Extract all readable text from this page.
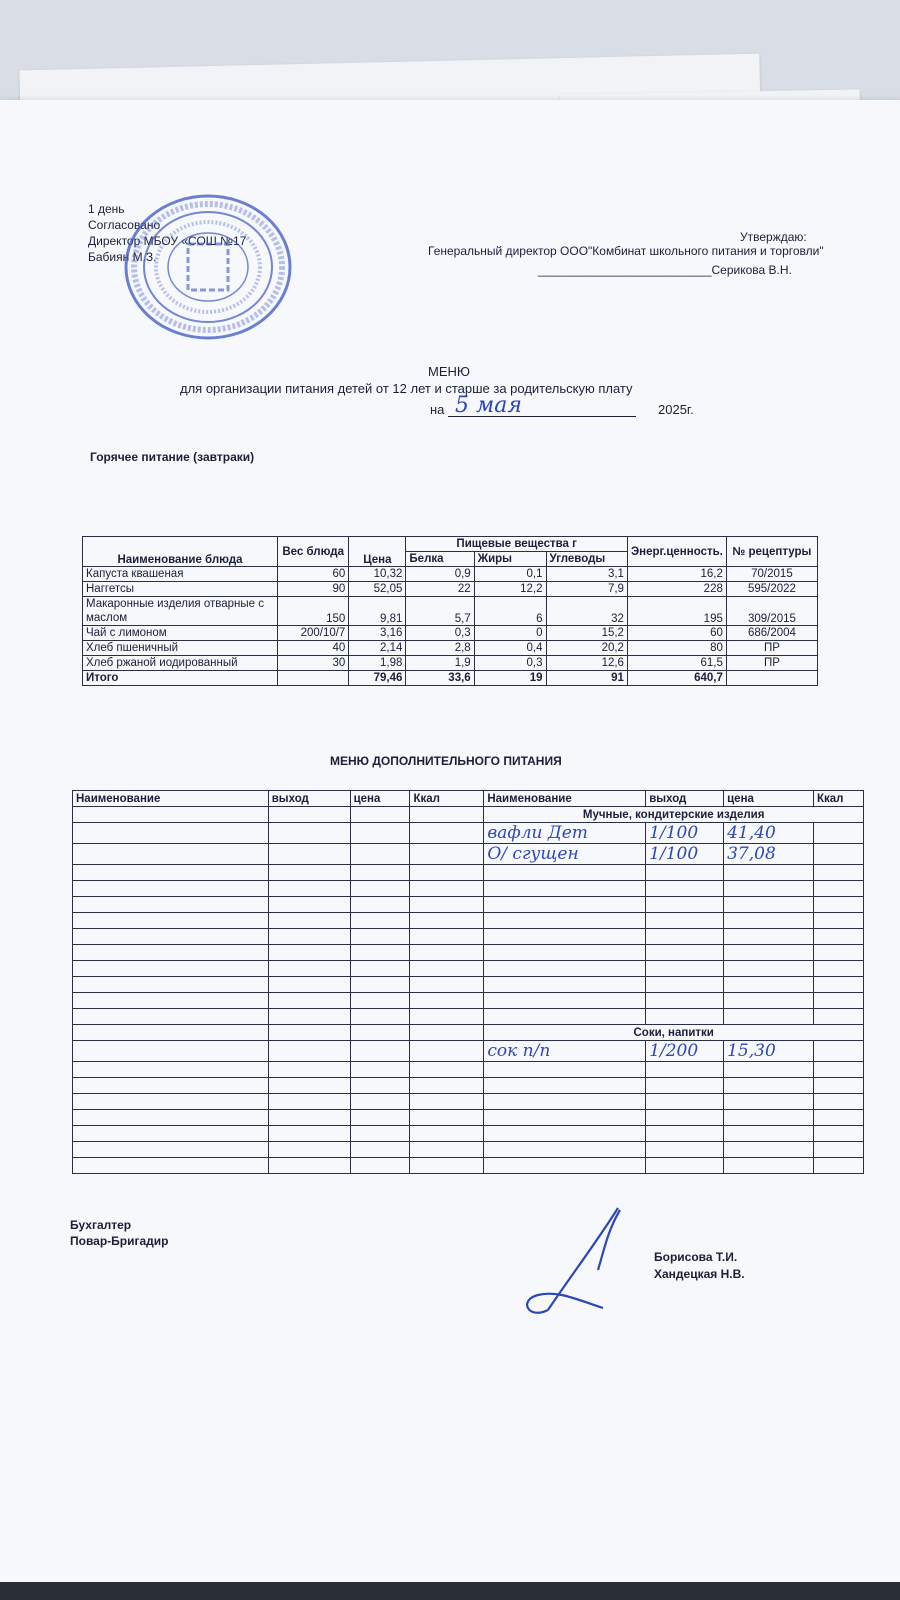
1 день
Согласовано
Директор МБОУ «СОШ №17
Бабиян М.З.
Утверждаю:
Генеральный директор ООО"Комбинат школьного питания и торговли"
__________________________Серикова В.Н.
МЕНЮ
для организации питания детей от 12 лет и старше за родительскую плату
на 5 мая	2025г.
Горячее питание (завтраки)
Наименование блюда	Вес блюда	Цена	Пищевые вещества г			Энерг.ценность.	№ рецептуры
			Белка	Жиры	Углеводы		
Капуста квашеная	60	10,32	0,9	0,1	3,1	16,2	70/2015
Наггетсы	90	52,05	22	12,2	7,9	228	595/2022
Макаронные изделия отварные с маслом	150	9,81	5,7	6	32	195	309/2015
Чай с лимоном	200/10/7	3,16	0,3	0	15,2	60	686/2004
Хлеб пшеничный	40	2,14	2,8	0,4	20,2	80	ПР
Хлеб ржаной иодированный	30	1,98	1,9	0,3	12,6	61,5	ПР
Итого		79,46	33,6	19	91	640,7	
МЕНЮ ДОПОЛНИТЕЛЬНОГО ПИТАНИЯ
Наименование	выход	цена	Ккал	Наименование	выход	цена	Ккал
				Мучные, кондитерские изделия			
				вафли Дет	1/100	41,40	
				О/ сгущен	1/100	37,08	

				Соки, напитки			
				сок п/п	1/200	15,30	

Бухгалтер
Повар-Бригадир
Борисова Т.И.
Хандецкая Н.В.
